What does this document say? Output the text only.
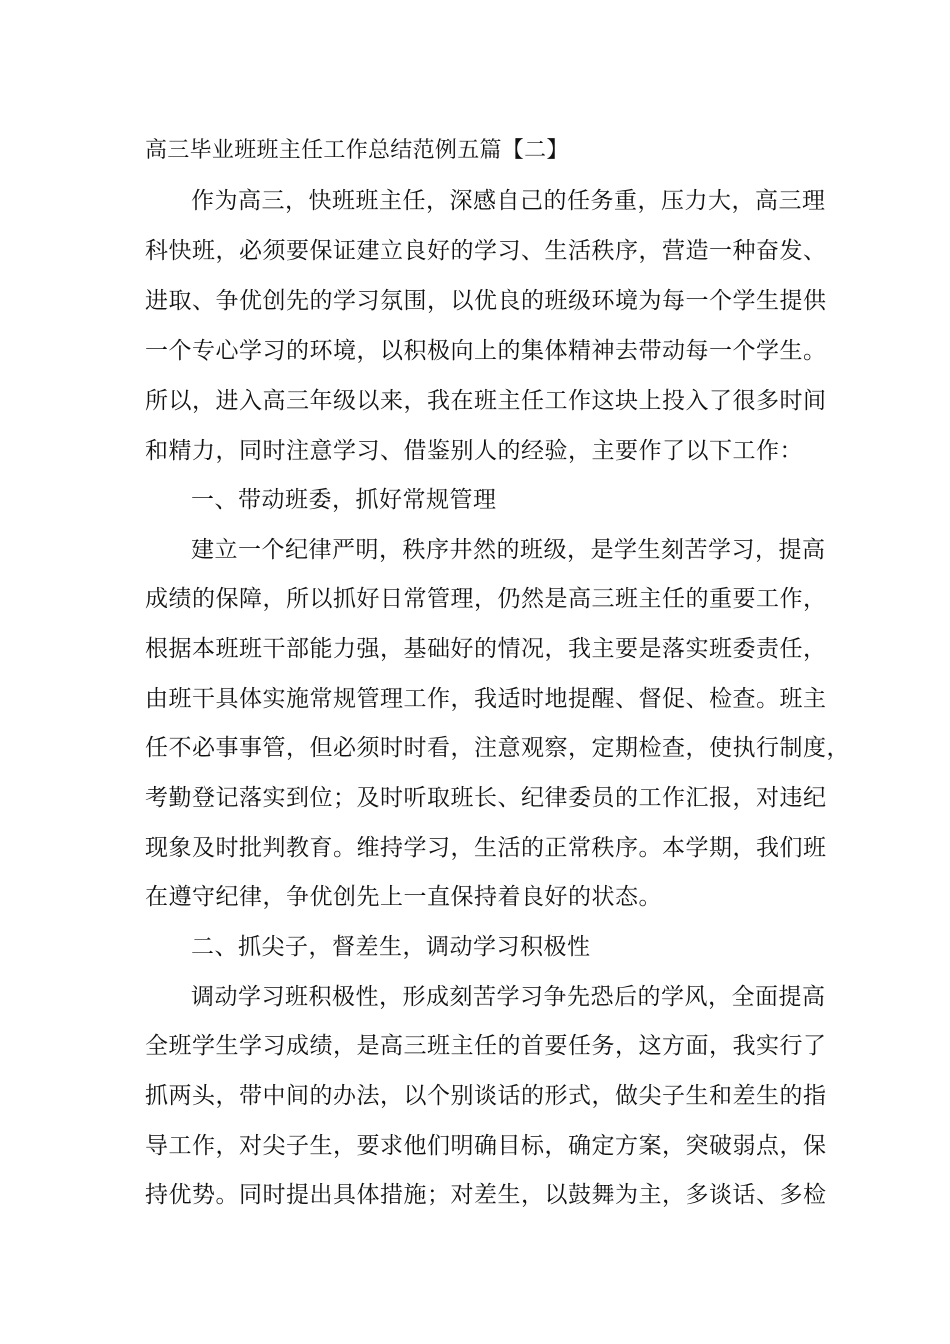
高三毕业班班主任工作总结范例五篇【二】
作为高三，快班班主任，深感自己的任务重，压力大，高三理
科快班，必须要保证建立良好的学习、生活秩序，营造一种奋发、
进取、争优创先的学习氛围，以优良的班级环境为每一个学生提供
一个专心学习的环境，以积极向上的集体精神去带动每一个学生。
所以，进入高三年级以来，我在班主任工作这块上投入了很多时间
和精力，同时注意学习、借鉴别人的经验，主要作了以下工作：
一、带动班委，抓好常规管理
建立一个纪律严明，秩序井然的班级，是学生刻苦学习，提高
成绩的保障，所以抓好日常管理，仍然是高三班主任的重要工作，
根据本班班干部能力强，基础好的情况，我主要是落实班委责任，
由班干具体实施常规管理工作，我适时地提醒、督促、检查。班主
任不必事事管，但必须时时看，注意观察，定期检查，使执行制度，
考勤登记落实到位；及时听取班长、纪律委员的工作汇报，对违纪
现象及时批判教育。维持学习，生活的正常秩序。本学期，我们班
在遵守纪律，争优创先上一直保持着良好的状态。
二、抓尖子，督差生，调动学习积极性
调动学习班积极性，形成刻苦学习争先恐后的学风，全面提高
全班学生学习成绩，是高三班主任的首要任务，这方面，我实行了
抓两头，带中间的办法，以个别谈话的形式，做尖子生和差生的指
导工作，对尖子生，要求他们明确目标，确定方案，突破弱点，保
持优势。同时提出具体措施；对差生，以鼓舞为主，多谈话、多检
